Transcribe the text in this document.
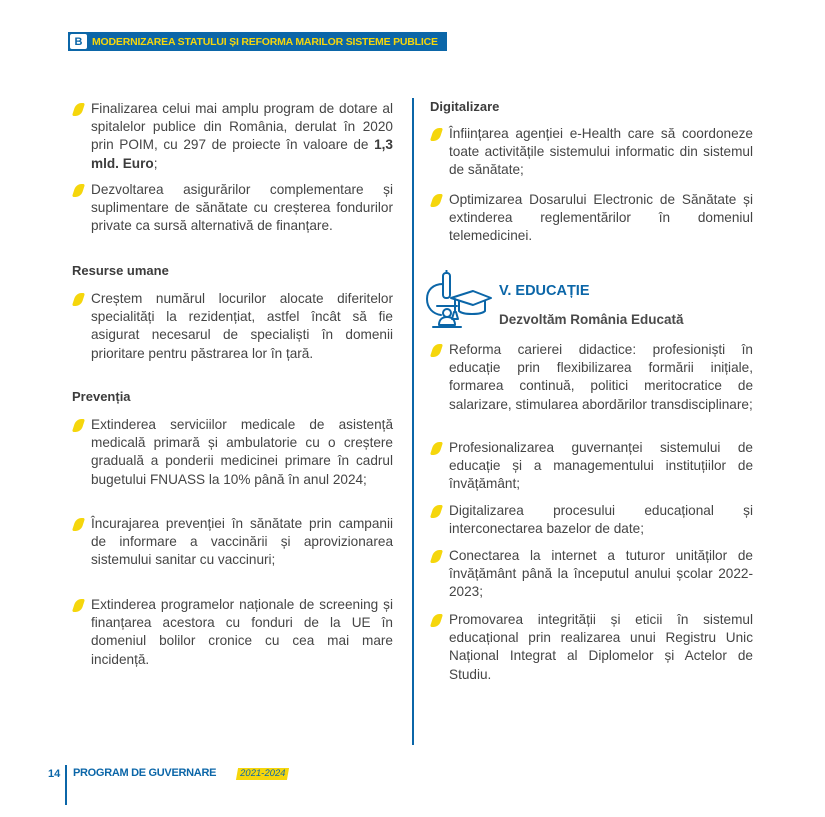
B MODERNIZAREA STATULUI ȘI REFORMA MARILOR SISTEME PUBLICE
Finalizarea celui mai amplu program de dotare al spitalelor publice din România, derulat în 2020 prin POIM, cu 297 de proiecte în valoare de 1,3 mld. Euro;
Dezvoltarea asigurărilor complementare și suplimentare de sănătate cu creșterea fondurilor private ca sursă alternativă de finanțare.
Resurse umane
Creștem numărul locurilor alocate diferitelor specialități la rezidențiat, astfel încât să fie asigurat necesarul de specialiști în domenii prioritare pentru păstrarea lor în țară.
Prevenția
Extinderea serviciilor medicale de asistență medicală primară și ambulatorie cu o creștere graduală a ponderii medicinei primare în cadrul bugetului FNUASS la 10% până în anul 2024;
Încurajarea prevenției în sănătate prin campanii de informare a vaccinării și aprovizionarea sistemului sanitar cu vaccinuri;
Extinderea programelor naționale de screening și finanțarea acestora cu fonduri de la UE în domeniul bolilor cronice cu cea mai mare incidență.
Digitalizare
Înființarea agenției e-Health care să coordoneze toate activitățile sistemului informatic din sistemul de sănătate;
Optimizarea Dosarului Electronic de Sănătate și extinderea reglementărilor în domeniul telemedicinei.
Reforma carierei didactice: profesioniști în educație prin flexibilizarea formării inițiale, formarea continuă, politici meritocratice de salarizare, stimularea abordărilor transdisciplinare;
Profesionalizarea guvernanței sistemului de educație și a managementului instituțiilor de învățământ;
Digitalizarea procesului educațional și interconectarea bazelor de date;
Conectarea la internet a tuturor unităților de învățământ până la începutul anului școlar 2022-2023;
Promovarea integrității și eticii în sistemul educațional prin realizarea unui Registru Unic Național Integrat al Diplomelor și Actelor de Studiu.
V. EDUCAȚIE
Dezvoltăm România Educată
14 PROGRAM DE GUVERNARE	2021-2024
